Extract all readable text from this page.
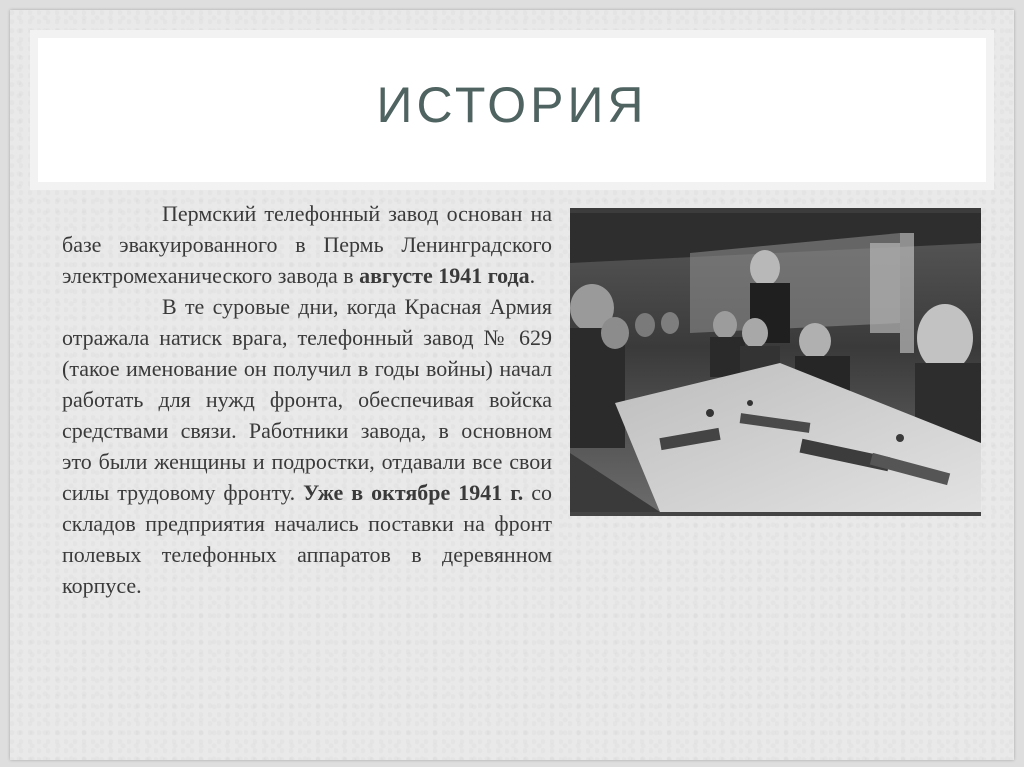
ИСТОРИЯ

Пермский телефонный завод основан на базе эвакуированного в Пермь Ленинградского электромеханического завода в августе 1941 года.

В те суровые дни, когда Красная Армия отражала натиск врага, телефонный завод № 629 (такое именование он получил в годы войны) начал работать для нужд фронта, обеспечивая войска средствами связи. Работники завода, в основном это были женщины и подростки, отдавали все свои силы трудовому фронту. Уже в октябре 1941 г. со складов предприятия начались поставки на фронт полевых телефонных аппаратов в деревянном корпусе.
